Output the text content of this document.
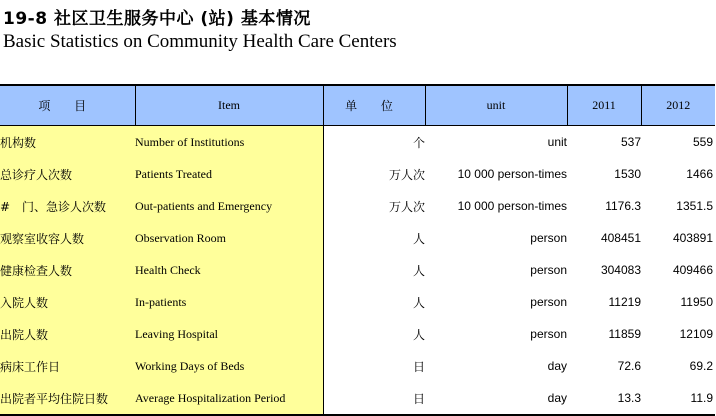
19-8 社区卫生服务中心 (站) 基本情况
Basic Statistics on Community Health Care Centers
项 目	Item	单 位	unit	2011	2012
机构数	Number of Institutions	个	unit	537	559
总诊疗人次数	Patients Treated	万人次	10 000 person-times	1530	1466
#　门、急诊人次数	Out-patients and Emergency	万人次	10 000 person-times	1176.3	1351.5
观察室收容人数	Observation Room	人	person	408451	403891
健康检查人数	Health Check	人	person	304083	409466
入院人数	In-patients	人	person	11219	11950
出院人数	Leaving Hospital	人	person	11859	12109
病床工作日	Working Days of Beds	日	day	72.6	69.2
出院者平均住院日数	Average Hospitalization Period	日	day	13.3	11.9
